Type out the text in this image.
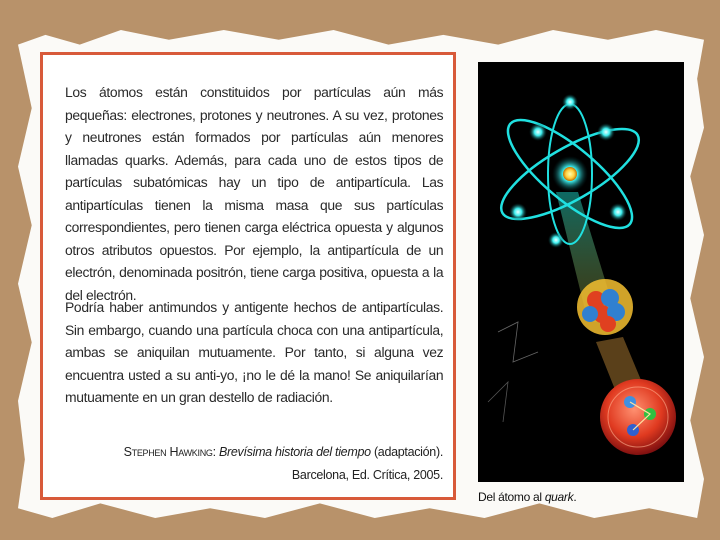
Los átomos están constituidos por partículas aún más pequeñas: electrones, protones y neutrones. A su vez, protones y neutrones están formados por partículas aún menores llamadas quarks. Además, para cada uno de estos tipos de partículas subatómicas hay un tipo de antipartícula. Las antipartículas tienen la misma masa que sus partículas correspondientes, pero tienen carga eléctrica opuesta y algunos otros atributos opuestos. Por ejemplo, la antipartícula de un electrón, denominada positrón, tiene carga positiva, opuesta a la del electrón.
Podría haber antimundos y antigente hechos de antipartículas. Sin embargo, cuando una partícula choca con una antipartícula, ambas se aniquilan mutuamente. Por tanto, si alguna vez encuentra usted a su anti-yo, ¡no le dé la mano! Se aniquilarían mutuamente en un gran destello de radiación.
Stephen Hawking: Brevísima historia del tiempo (adaptación).
Barcelona, Ed. Crítica, 2005.
Del átomo al quark.
